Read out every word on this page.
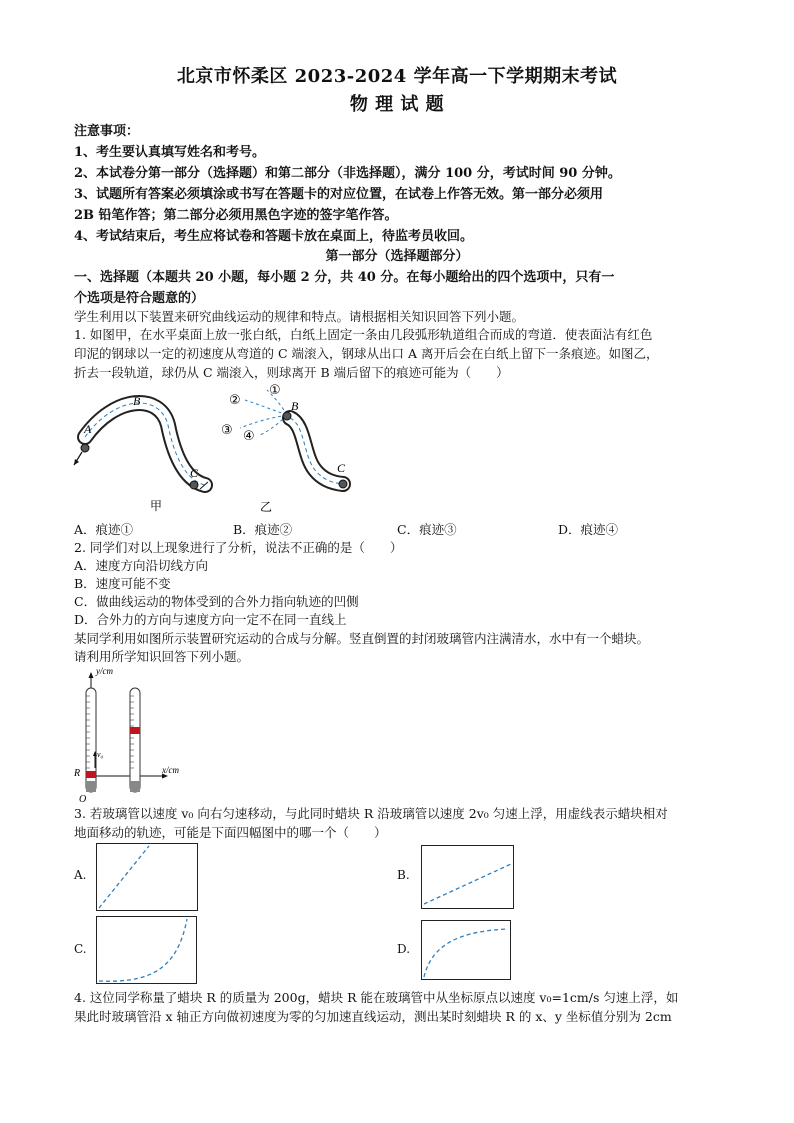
北京市怀柔区 2023-2024 学年高一下学期期末考试
物 理 试 题
注意事项：
1、考生要认真填写姓名和考号。
2、本试卷分第一部分（选择题）和第二部分（非选择题），满分 100 分，考试时间 90 分钟。
3、试题所有答案必须填涂或书写在答题卡的对应位置，在试卷上作答无效。第一部分必须用
2B 铅笔作答；第二部分必须用黑色字迹的签字笔作答。
4、考试结束后，考生应将试卷和答题卡放在桌面上，待监考员收回。
第一部分（选择题部分）
一、选择题（本题共 20 小题，每小题 2 分，共 40 分。在每小题给出的四个选项中，只有一
个选项是符合题意的）
学生利用以下装置来研究曲线运动的规律和特点。请根据相关知识回答下列小题。
1. 如图甲，在水平桌面上放一张白纸，白纸上固定一条由几段弧形轨道组合而成的弯道．使表面沾有红色
印泥的钢球以一定的初速度从弯道的 C 端滚入，钢球从出口 A 离开后会在白纸上留下一条痕迹。如图乙，
折去一段轨道，球仍从 C 端滚入，则球离开 B 端后留下的痕迹可能为（　　）
A
B
C
甲
①
②
③ ④
B
C
乙
A．痕迹①	B．痕迹②	C．痕迹③	D．痕迹④
2. 同学们对以上现象进行了分析，说法不正确的是（　　）
A．速度方向沿切线方向
B．速度可能不变
C．做曲线运动的物体受到的合外力指向轨迹的凹侧
D．合外力的方向与速度方向一定不在同一直线上
某同学利用如图所示装置研究运动的合成与分解。竖直倒置的封闭玻璃管内注满清水，水中有一个蜡块。
请利用所学知识回答下列小题。
y/cm
x/cm
v₀
R
O
3. 若玻璃管以速度 v₀ 向右匀速移动，与此同时蜡块 R 沿玻璃管以速度 2v₀ 匀速上浮，用虚线表示蜡块相对
地面移动的轨迹，可能是下面四幅图中的哪一个（　　）
A.	B.
C.	D.
4. 这位同学称量了蜡块 R 的质量为 200g，蜡块 R 能在玻璃管中从坐标原点以速度 v₀=1cm/s 匀速上浮，如
果此时玻璃管沿 x 轴正方向做初速度为零的匀加速直线运动，测出某时刻蜡块 R 的 x、y 坐标值分别为 2cm
